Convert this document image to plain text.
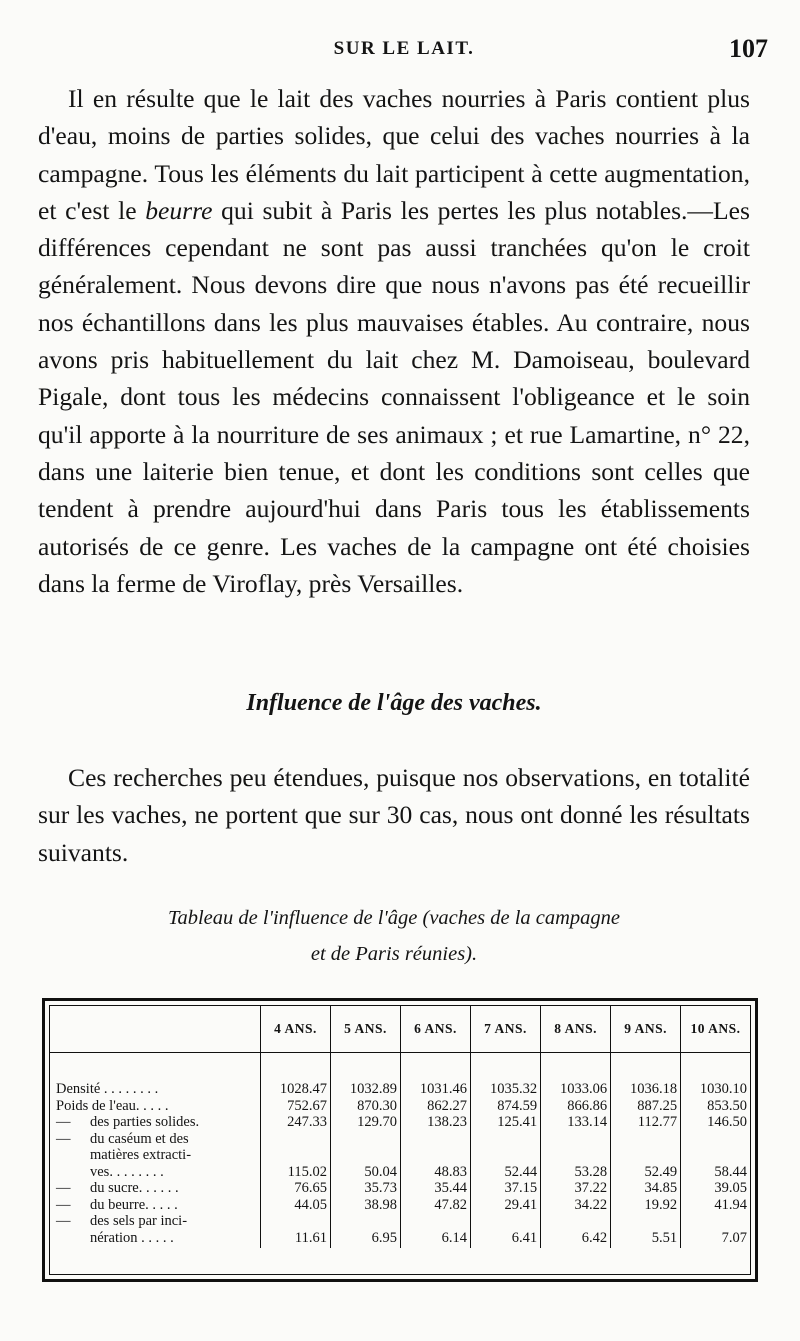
SUR LE LAIT.	107

Il en résulte que le lait des vaches nourries à Paris contient plus d'eau, moins de parties solides, que celui des vaches nourries à la campagne. Tous les éléments du lait participent à cette augmentation, et c'est le beurre qui subit à Paris les pertes les plus notables.—Les différences cependant ne sont pas aussi tranchées qu'on le croit généralement. Nous devons dire que nous n'avons pas été recueillir nos échantillons dans les plus mauvaises étables. Au contraire, nous avons pris habituellement du lait chez M. Damoiseau, boulevard Pigale, dont tous les médecins connaissent l'obligeance et le soin qu'il apporte à la nourriture de ses animaux ; et rue Lamartine, n° 22, dans une laiterie bien tenue, et dont les conditions sont celles que tendent à prendre aujourd'hui dans Paris tous les établissements autorisés de ce genre. Les vaches de la campagne ont été choisies dans la ferme de Viroflay, près Versailles.

Influence de l'âge des vaches.

Ces recherches peu étendues, puisque nos observations, en totalité sur les vaches, ne portent que sur 30 cas, nous ont donné les résultats suivants.

Tableau de l'influence de l'âge (vaches de la campagne
et de Paris réunies).
	4 ANS.	5 ANS.	6 ANS.	7 ANS.	8 ANS.	9 ANS.	10 ANS.

Densité . . . . . . . .	1028.47	1032.89	1031.46	1035.32	1033.06	1036.18	1030.10
Poids de l'eau. . . . .	752.67	870.30	862.27	874.59	866.86	887.25	853.50
— des parties solides.	247.33	129.70	138.23	125.41	133.14	112.77	146.50
— du caséum et des
matières extracti-
ves. . . . . . . .	115.02	50.04	48.83	52.44	53.28	52.49	58.44
— du sucre. . . . . .	76.65	35.73	35.44	37.15	37.22	34.85	39.05
— du beurre. . . . .	44.05	38.98	47.82	29.41	34.22	19.92	41.94
— des sels par inci-
nération . . . . .	11.61	6.95	6.14	6.41	6.42	5.51	7.07
